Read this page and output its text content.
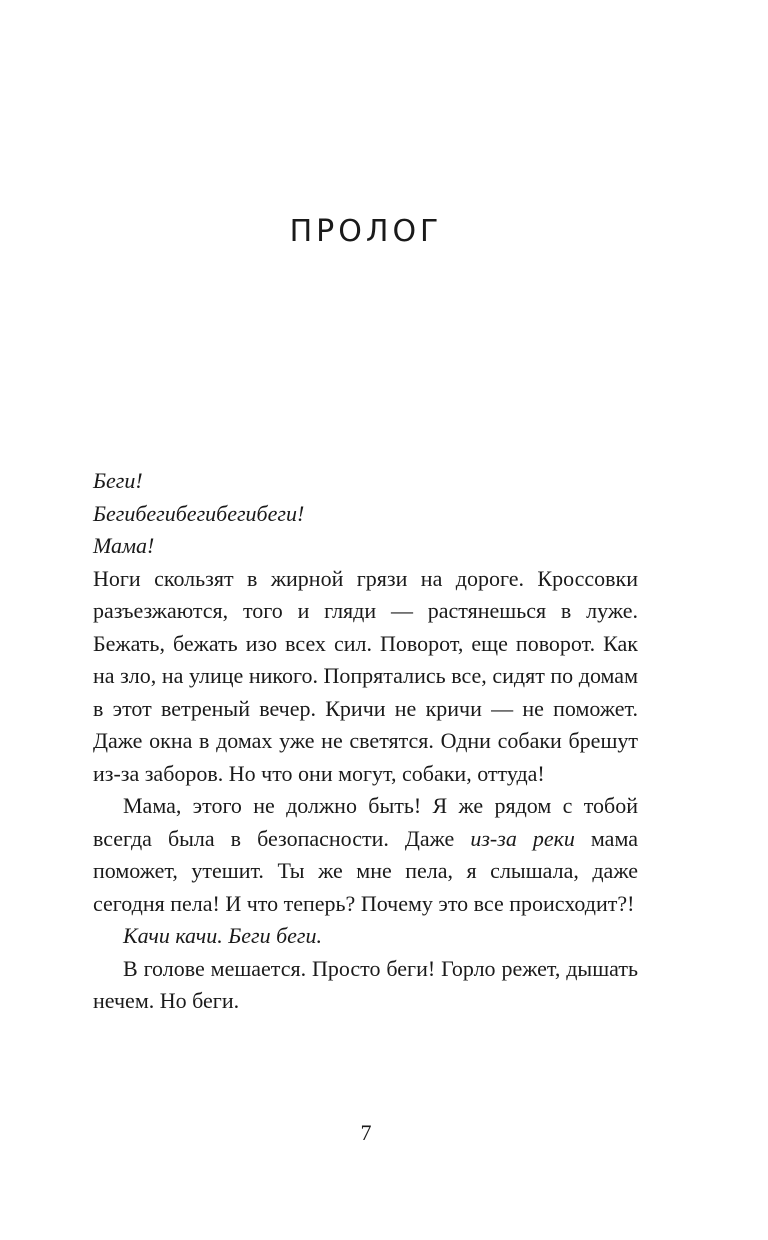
ПРОЛОГ

Беги!

Бегибегибегибегибеги!

Мама!

Ноги скользят в жирной грязи на дороге. Кроссовки разъезжаются, того и гляди — растянешься в луже. Бежать, бежать изо всех сил. Поворот, еще поворот. Как на зло, на улице никого. Попрятались все, сидят по домам в этот ветреный вечер. Кричи не кричи — не поможет. Даже окна в домах уже не светятся. Одни собаки брешут из-за заборов. Но что они могут, собаки, оттуда!

Мама, этого не должно быть! Я же рядом с тобой всегда была в безопасности. Даже из-за реки мама поможет, утешит. Ты же мне пела, я слышала, даже сегодня пела! И что теперь? Почему это все происходит?!

Качи качи. Беги беги.

В голове мешается. Просто беги! Горло режет, дышать нечем. Но беги.

7
